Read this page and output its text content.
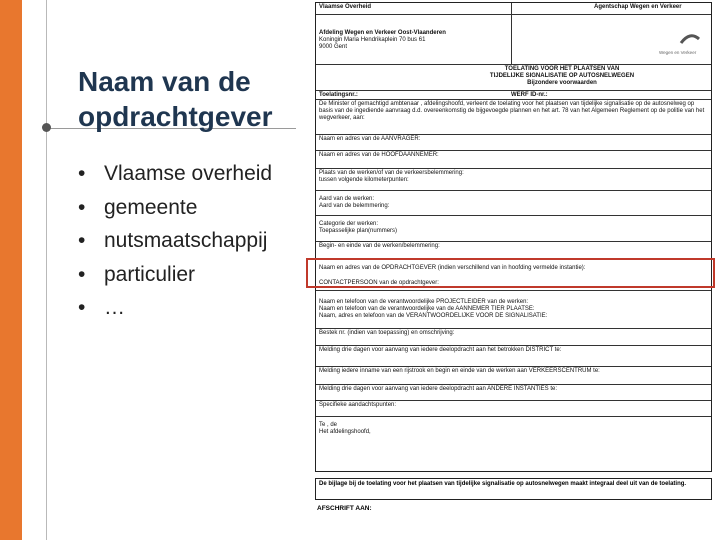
Naam van de opdrachtgever
• Vlaamse overheid
• gemeente
• nutsmaatschappij
• particulier
• …
Vlaamse Overheid	Agentschap Wegen en Verkeer
Afdeling Wegen en Verkeer Oost-Vlaanderen
Koningin Maria Hendrikaplein 70 bus 61
9000 Gent
Wegen en Verkeer
TOELATING VOOR HET PLAATSEN VAN
TIJDELIJKE SIGNALISATIE OP AUTOSNELWEGEN
Bijzondere voorwaarden
Toelatingsnr.:	WERF ID-nr.:
De Minister of gemachtigd ambtenaar , afdelingshoofd, verleent de toelating voor het plaatsen van tijdelijke signalisatie op de autosnelweg op basis van de ingediende aanvraag d.d. overeenkomstig de bijgevoegde plannen en het art. 78 van het Algemeen Reglement op de politie van het wegverkeer, aan:
Naam en adres van de AANVRAGER:
Naam en adres van de HOOFDAANNEMER:
Plaats van de werken/of van de verkeersbelemmering:
tussen volgende kilometerpunten:
Aard van de werken:
Aard van de belemmering:
Categorie der werken:
Toepasselijke plan(nummers)
Begin- en einde van de werken/belemmering:
Naam en adres van de OPDRACHTGEVER (indien verschillend van in hoofding vermelde instantie):
CONTACTPERSOON van de opdrachtgever:
Naam en telefoon van de verantwoordelijke PROJECTLEIDER van de werken:
Naam en telefoon van de verantwoordelijke van de AANNEMER TIER PLAATSE:
Naam, adres en telefoon van de VERANTWOORDELIJKE VOOR DE SIGNALISATIE:
Bestek nr. (indien van toepassing) en omschrijving:
Melding drie dagen voor aanvang van iedere deelopdracht aan het betrokken DISTRICT te:
Melding iedere inname van een rijstrook en begin en einde van de werken aan VERKEERSCENTRUM te:
Melding drie dagen voor aanvang van iedere deelopdracht aan ANDERE INSTANTIES te:
Specifieke aandachtspunten:
Te , de
Het afdelingshoofd,
De bijlage bij de toelating voor het plaatsen van tijdelijke signalisatie op autosnelwegen maakt integraal deel uit van de toelating.
AFSCHRIFT AAN:
